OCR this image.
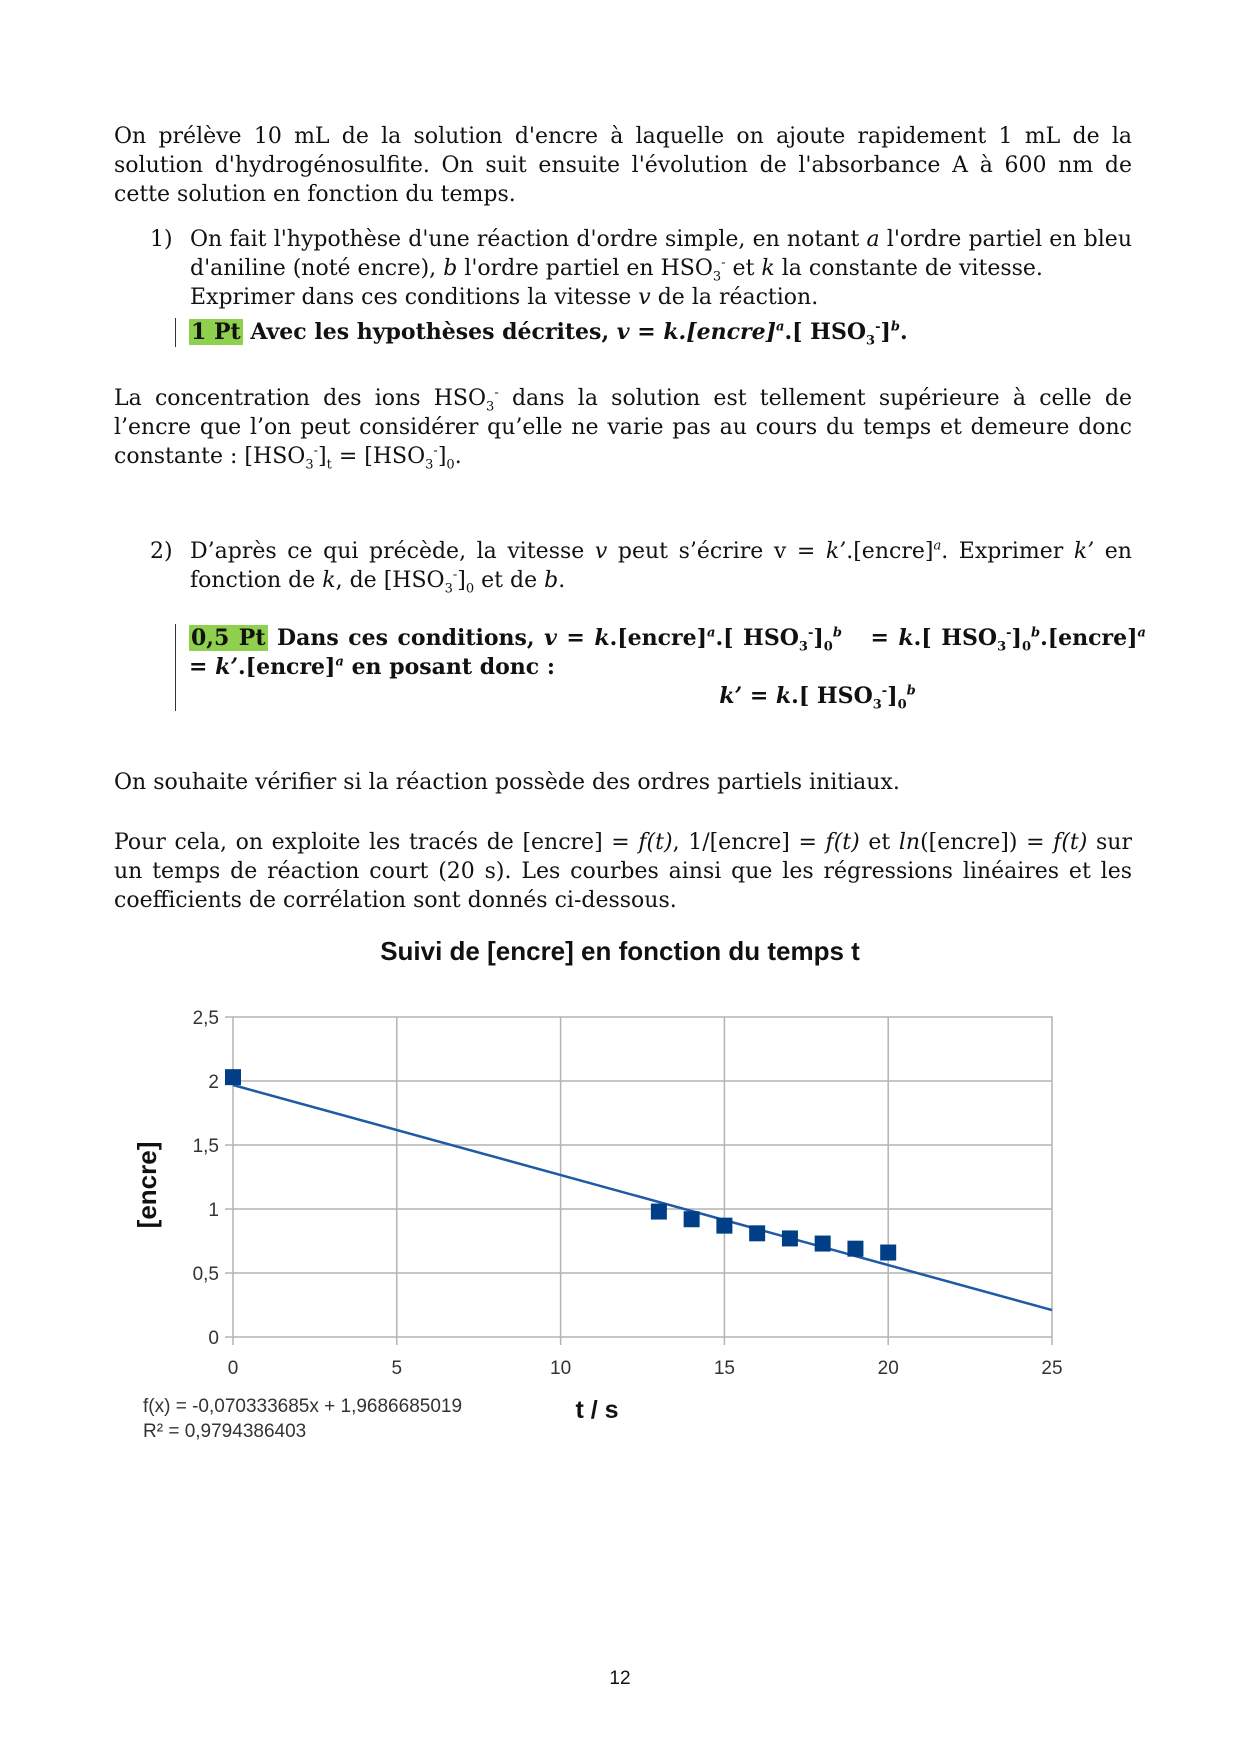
On prélève 10 mL de la solution d'encre à laquelle on ajoute rapidement 1 mL de la solution d'hydrogénosulfite. On suit ensuite l'évolution de l'absorbance A à 600 nm de cette solution en fonction du temps.
1) On fait l'hypothèse d'une réaction d'ordre simple, en notant a l'ordre partiel en bleu d'aniline (noté encre), b l'ordre partiel en $HSO_3^-$ et k la constante de vitesse.
Exprimer dans ces conditions la vitesse v de la réaction.
1 Pt Avec les hypothèses décrites, v = k.[encre]$^a$.[ $HSO_3^-]^b$.
La concentration des ions $HSO_3^-$ dans la solution est tellement supérieure à celle de l’encre que l’on peut considérer qu’elle ne varie pas au cours du temps et demeure donc constante : $[HSO_3^-]_t = [HSO_3^-]_0$.
2) D’après ce qui précède, la vitesse v peut s’écrire v = k’.[encre]$^a$. Exprimer k’ en fonction de k, de $[HSO_3^-]_0$ et de b.
0,5 Pt Dans ces conditions, v = k.[encre]$^a$.[ $HSO_3^-]_0^b = k$.[ $HSO_3^-]_0^b.[encre]^a$ = k’.[encre]$^a$ en posant donc :
k’ = k.[ $HSO_3^-]_0^b$
On souhaite vérifier si la réaction possède des ordres partiels initiaux.
Pour cela, on exploite les tracés de [encre] = f(t), 1/[encre] = f(t) et ln([encre]) = f(t) sur un temps de réaction court (20 s). Les courbes ainsi que les régressions linéaires et les coefficients de corrélation sont donnés ci-dessous.
Suivi de [encre] en fonction du temps t
0	5	10	15	20	25
0
0,5
1
1,5
2
2,5
t / s
[encre]
f(x) = -0,070333685x + 1,9686685019
R² = 0,9794386403
12
